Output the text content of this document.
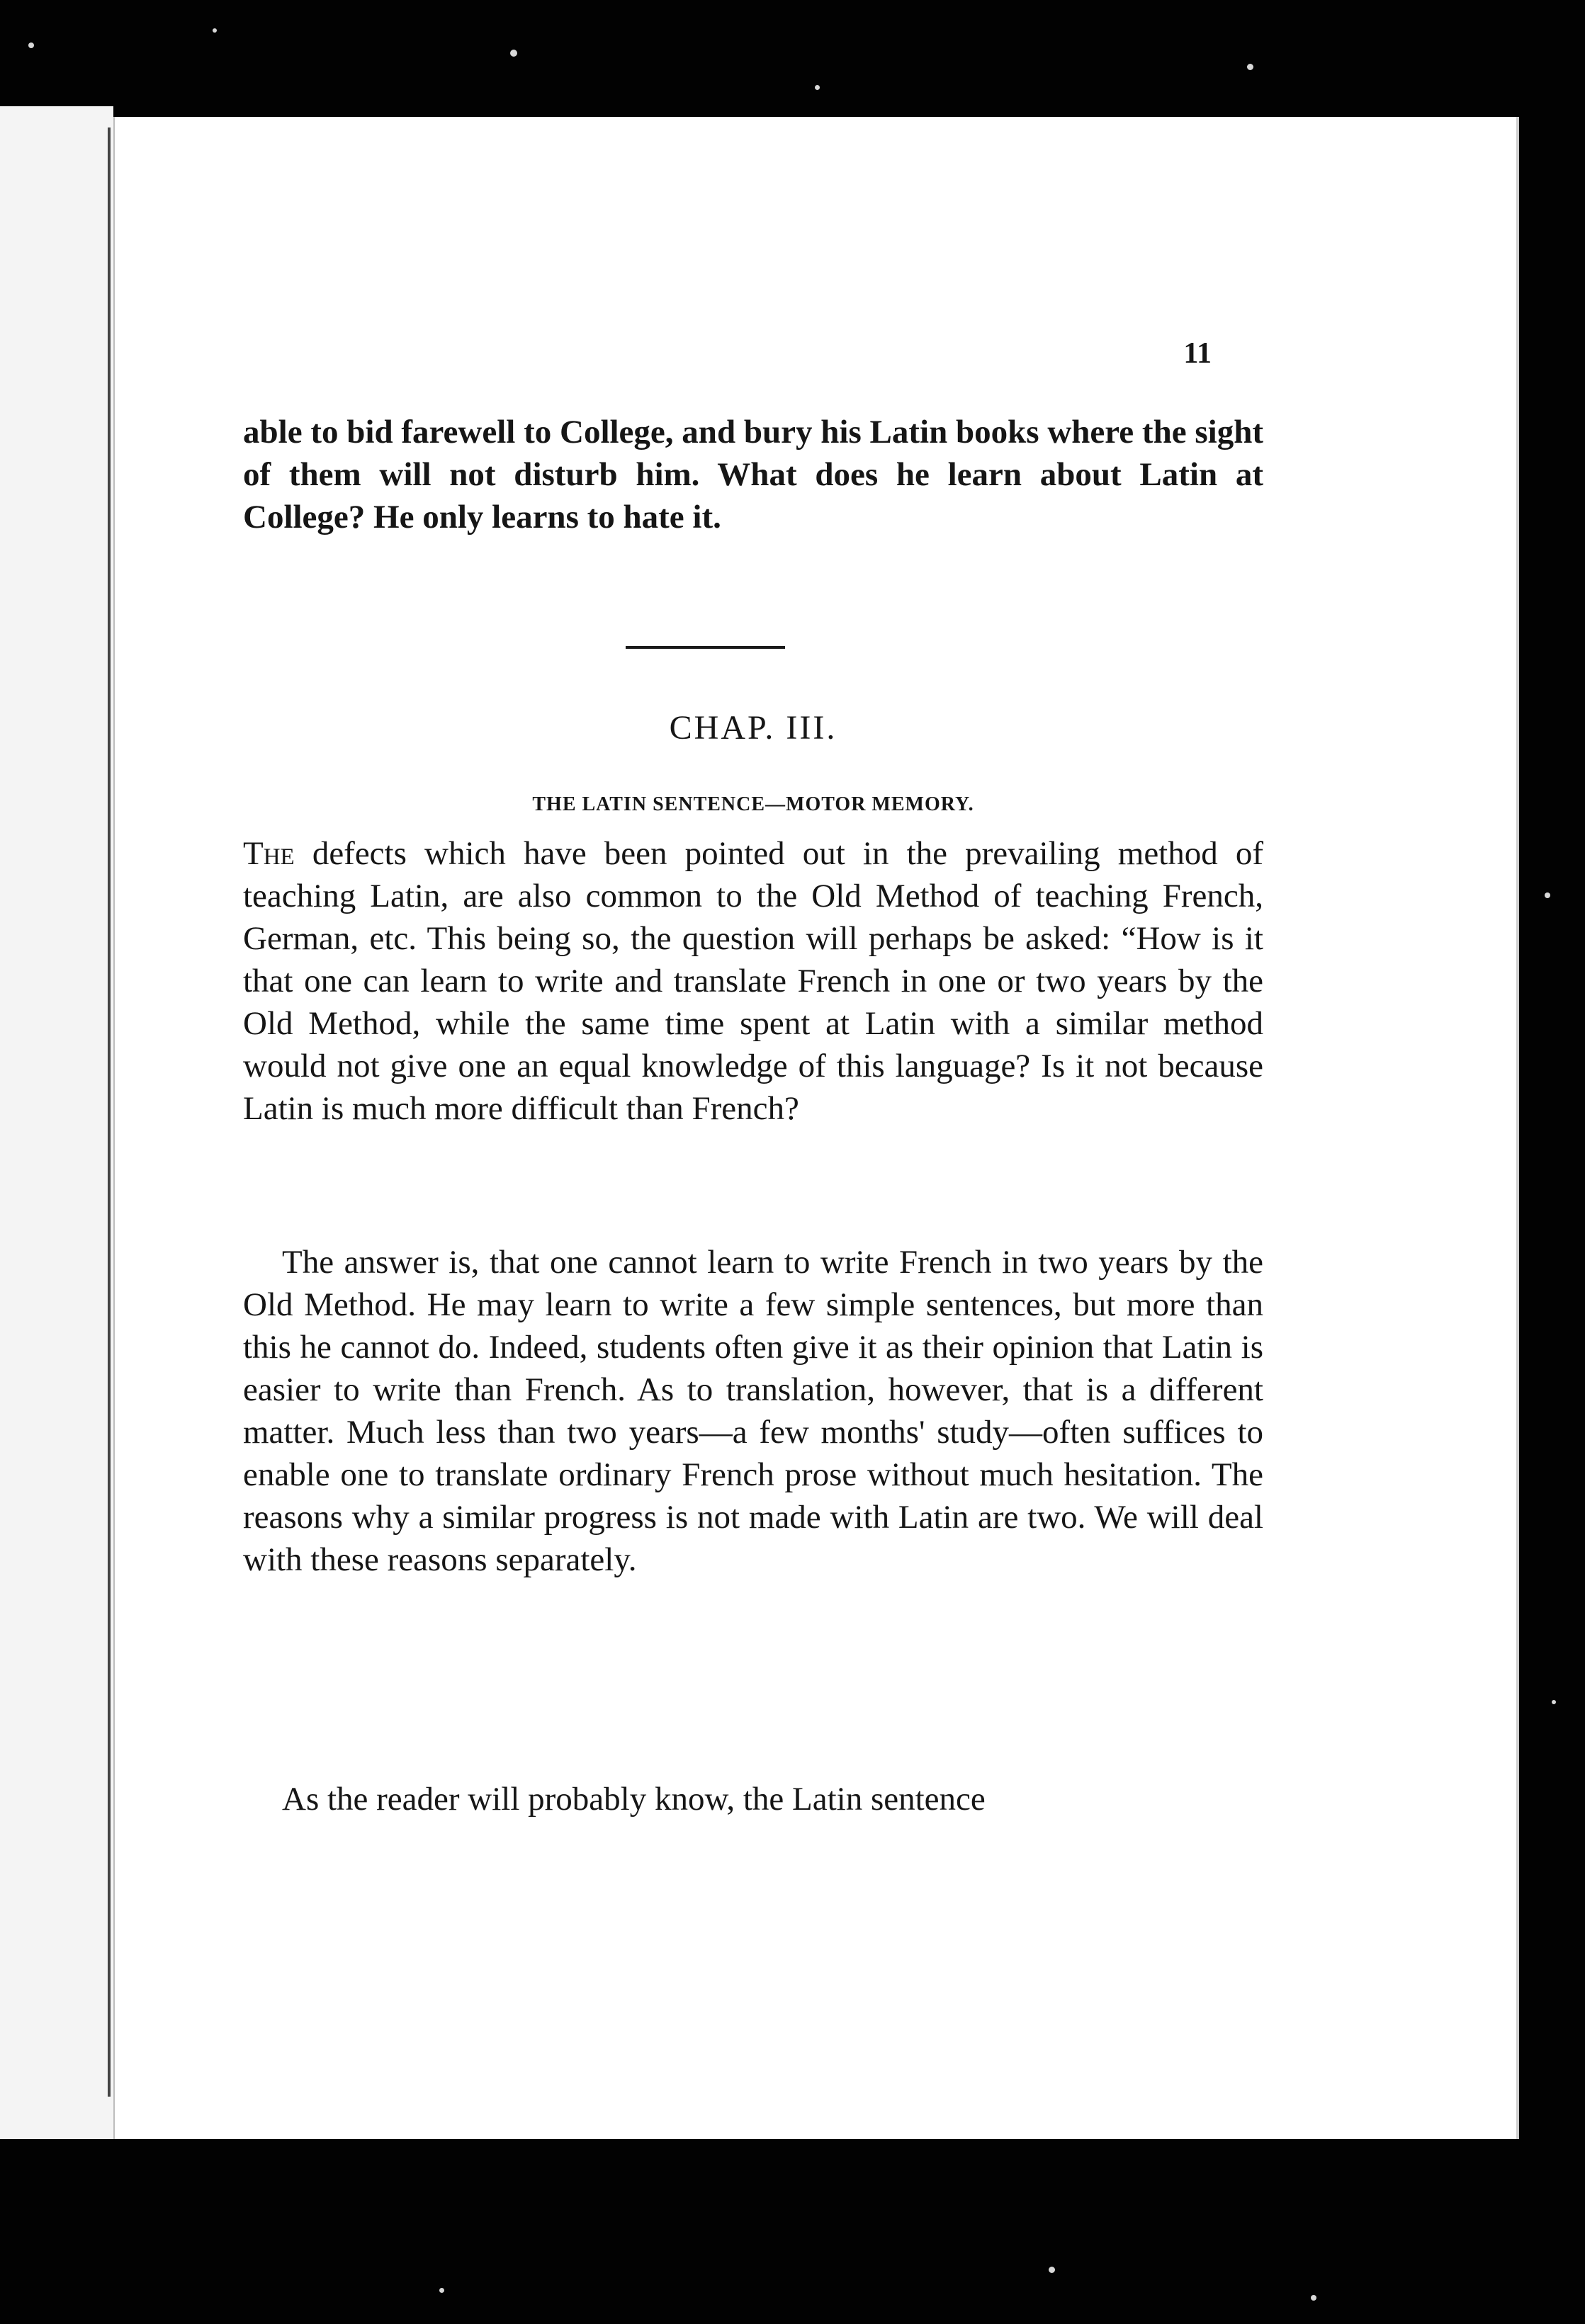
11
able to bid farewell to College, and bury his Latin books where the sight of them will not disturb him. What does he learn about Latin at College? He only learns to hate it.
CHAP. III.
THE LATIN SENTENCE—MOTOR MEMORY.
The defects which have been pointed out in the prevailing method of teaching Latin, are also common to the Old Method of teaching French, German, etc. This being so, the question will perhaps be asked: “How is it that one can learn to write and translate French in one or two years by the Old Method, while the same time spent at Latin with a similar method would not give one an equal knowledge of this language? Is it not because Latin is much more difficult than French?
The answer is, that one cannot learn to write French in two years by the Old Method. He may learn to write a few simple sentences, but more than this he cannot do. Indeed, students often give it as their opinion that Latin is easier to write than French. As to translation, however, that is a different matter. Much less than two years—a few months' study—often suffices to enable one to translate ordinary French prose without much hesitation. The reasons why a similar progress is not made with Latin are two. We will deal with these reasons separately.
As the reader will probably know, the Latin sentence
